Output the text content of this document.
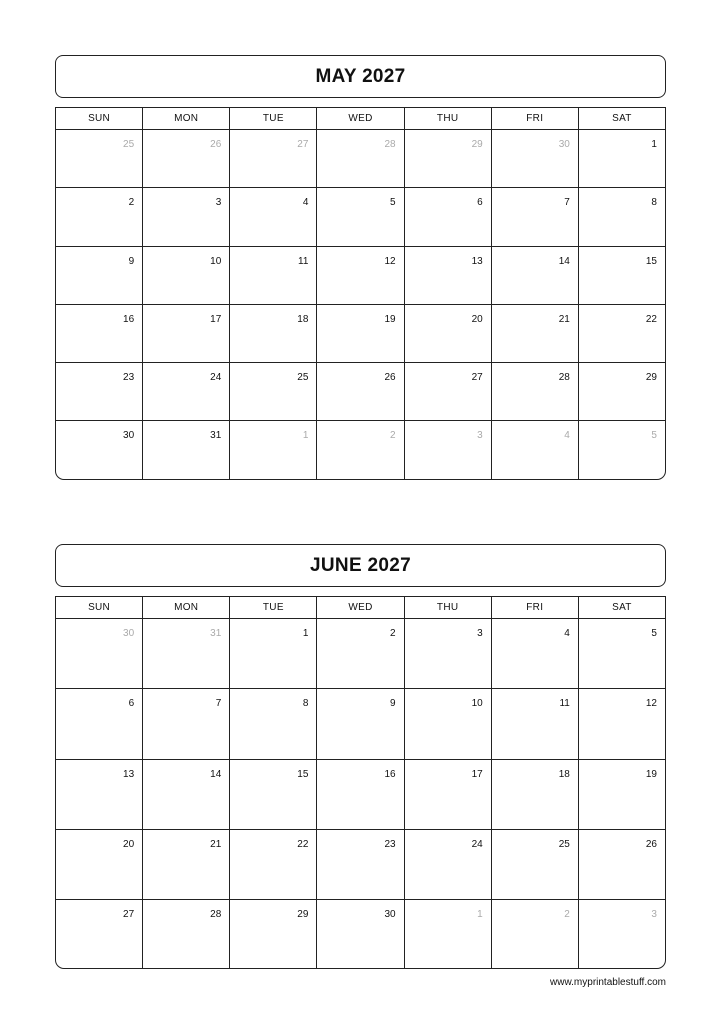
MAY 2027
SUN	MON	TUE	WED	THU	FRI	SAT
25	26	27	28	29	30	1
2	3	4	5	6	7	8
9	10	11	12	13	14	15
16	17	18	19	20	21	22
23	24	25	26	27	28	29
30	31	1	2	3	4	5
JUNE 2027
SUN	MON	TUE	WED	THU	FRI	SAT
30	31	1	2	3	4	5
6	7	8	9	10	11	12
13	14	15	16	17	18	19
20	21	22	23	24	25	26
27	28	29	30	1	2	3
www.myprintablestuff.com
